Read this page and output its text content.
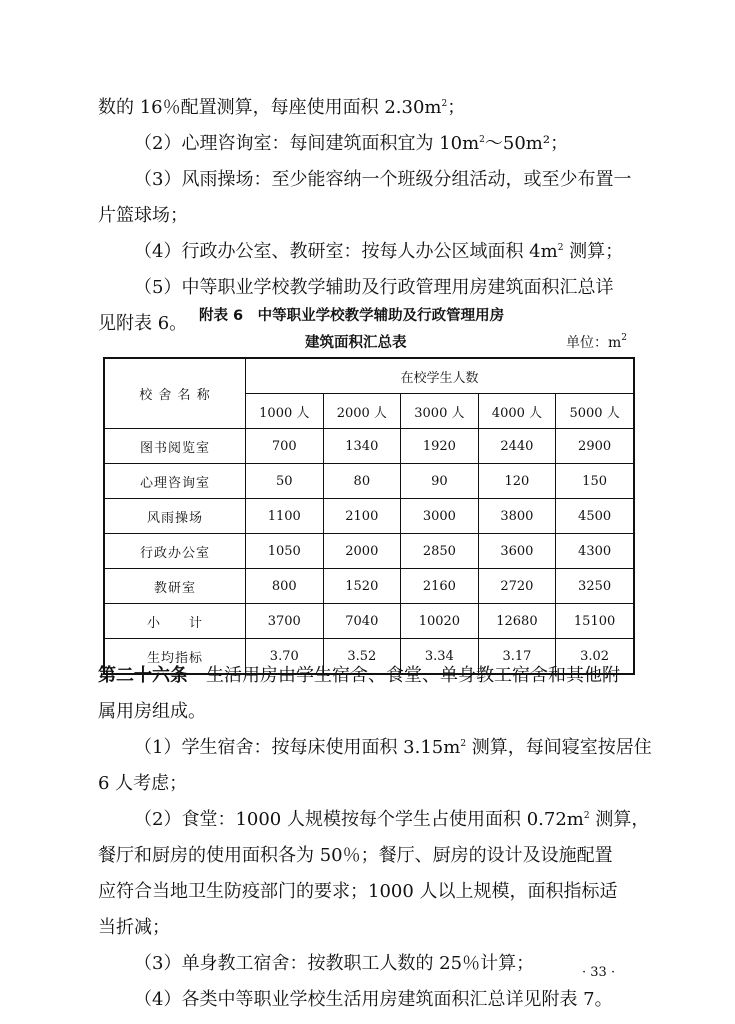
数的 16％配置测算，每座使用面积 $2.30m^2$；
（2）心理咨询室：每间建筑面积宜为 $10m^2\sim 50m^2$；
（3）风雨操场：至少能容纳一个班级分组活动，或至少布置一
片篮球场；
（4）行政办公室、教研室：按每人办公区域面积 $4m^2$ 测算；
（5）中等职业学校教学辅助及行政管理用房建筑面积汇总详
见附表 6。 附表 6　中等职业学校教学辅助及行政管理用房
建筑面积汇总表	单位：$m^2$
校 舍 名 称	在校学生人数				
	1000 人	2000 人	3000 人	4000 人	5000 人
图书阅览室	700	1340	1920	2440	2900
心理咨询室	50	80	90	120	150
风雨操场	1100	2100	3000	3800	4500
行政办公室	1050	2000	2850	3600	4300
教研室	800	1520	2160	2720	3250
小　　计	3700	7040	10020	12680	15100
生均指标	3.70	3.52	3.34	3.17	3.02
第二十六条　生活用房由学生宿舍、食堂、单身教工宿舍和其他附
属用房组成。
（1）学生宿舍：按每床使用面积 $3.15m^2$ 测算，每间寝室按居住
6 人考虑；
（2）食堂：1000 人规模按每个学生占使用面积 $0.72m^2$ 测算，
餐厅和厨房的使用面积各为 50％；餐厅、厨房的设计及设施配置
应符合当地卫生防疫部门的要求；1000 人以上规模，面积指标适
当折减；
（3）单身教工宿舍：按教职工人数的 25％计算；
（4）各类中等职业学校生活用房建筑面积汇总详见附表 7。
· 33 ·
